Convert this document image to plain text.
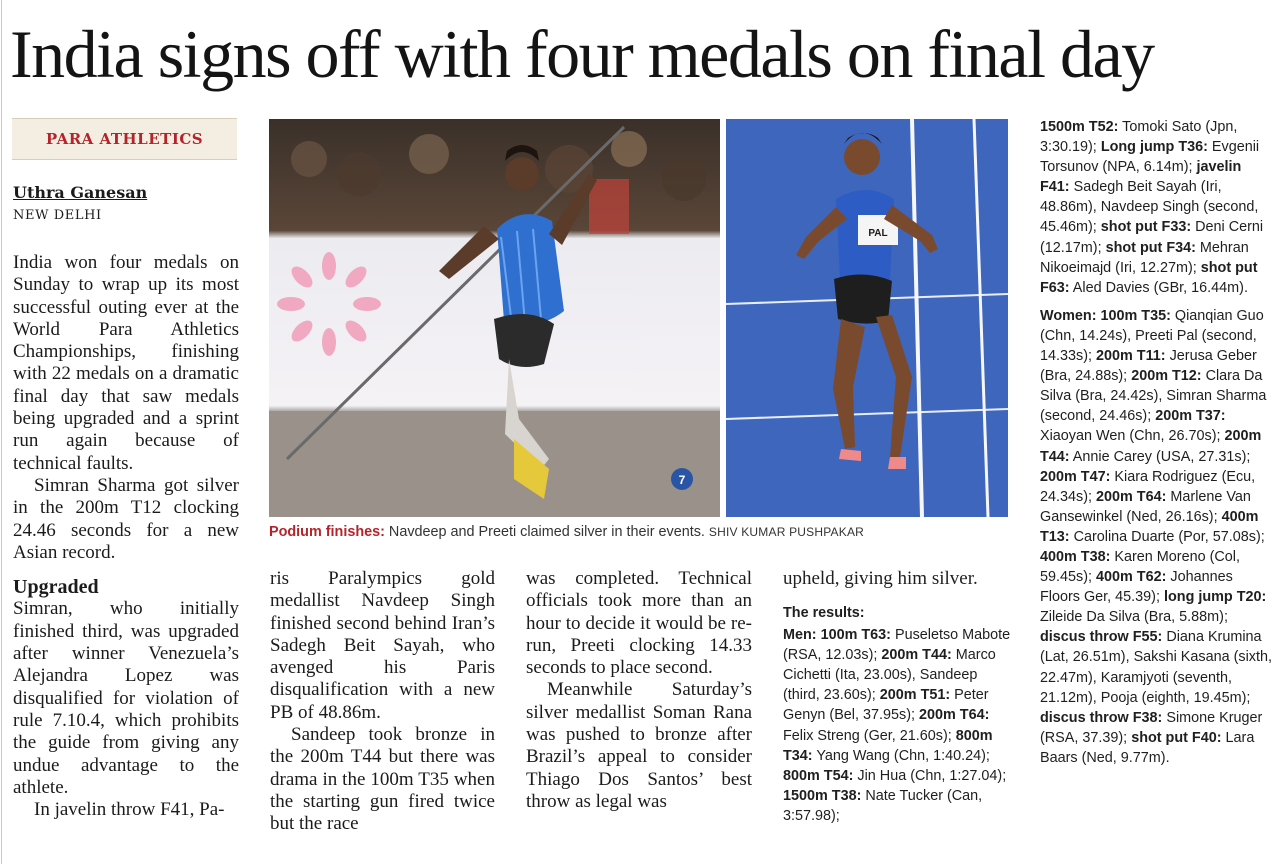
India signs off with four medals on final day
PARA ATHLETICS
Uthra Ganesan
NEW DELHI

India won four medals on Sunday to wrap up its most successful outing ever at the World Para Athletics Championships, finishing with 22 medals on a dramatic final day that saw medals being upgraded and a sprint run again because of technical faults.

Simran Sharma got silver in the 200m T12 clocking 24.46 seconds for a new Asian record.

Upgraded

Simran, who initially finished third, was upgraded after winner Venezuela’s Alejandra Lopez was disqualified for violation of rule 7.10.4, which prohibits the guide from giving any undue advantage to the athlete.

In javelin throw F41, Pa-

7
PAL
Podium finishes: Navdeep and Preeti claimed silver in their events. SHIV KUMAR PUSHPAKAR

ris Paralympics gold medallist Navdeep Singh finished second behind Iran’s Sadegh Beit Sayah, who avenged his Paris disqualification with a new PB of 48.86m.

Sandeep took bronze in the 200m T44 but there was drama in the 100m T35 when the starting gun fired twice but the race

was completed. Technical officials took more than an hour to decide it would be re-run, Preeti clocking 14.33 seconds to place second.

Meanwhile Saturday’s silver medallist Soman Rana was pushed to bronze after Brazil’s appeal to consider Thiago Dos Santos’ best throw as legal was

upheld, giving him silver.
The results:

Men: 100m T63: Puseletso Mabote (RSA, 12.03s); 200m T44: Marco Cichetti (Ita, 23.00s), Sandeep (third, 23.60s); 200m T51: Peter Genyn (Bel, 37.95s); 200m T64: Felix Streng (Ger, 21.60s); 800m T34: Yang Wang (Chn, 1:40.24); 800m T54: Jin Hua (Chn, 1:27.04); 1500m T38: Nate Tucker (Can, 3:57.98);

1500m T52: Tomoki Sato (Jpn, 3:30.19); Long jump T36: Evgenii Torsunov (NPA, 6.14m); javelin F41: Sadegh Beit Sayah (Iri, 48.86m), Navdeep Singh (second, 45.46m); shot put F33: Deni Cerni (12.17m); shot put F34: Mehran Nikoeimajd (Iri, 12.27m); shot put F63: Aled Davies (GBr, 16.44m).

Women: 100m T35: Qianqian Guo (Chn, 14.24s), Preeti Pal (second, 14.33s); 200m T11: Jerusa Geber (Bra, 24.88s); 200m T12: Clara Da Silva (Bra, 24.42s), Simran Sharma (second, 24.46s); 200m T37: Xiaoyan Wen (Chn, 26.70s); 200m T44: Annie Carey (USA, 27.31s); 200m T47: Kiara Rodriguez (Ecu, 24.34s); 200m T64: Marlene Van Gansewinkel (Ned, 26.16s); 400m T13: Carolina Duarte (Por, 57.08s); 400m T38: Karen Moreno (Col, 59.45s); 400m T62: Johannes Floors Ger, 45.39); long jump T20: Zileide Da Silva (Bra, 5.88m); discus throw F55: Diana Krumina (Lat, 26.51m), Sakshi Kasana (sixth, 22.47m), Karamjyoti (seventh, 21.12m), Pooja (eighth, 19.45m); discus throw F38: Simone Kruger (RSA, 37.39); shot put F40: Lara Baars (Ned, 9.77m).
